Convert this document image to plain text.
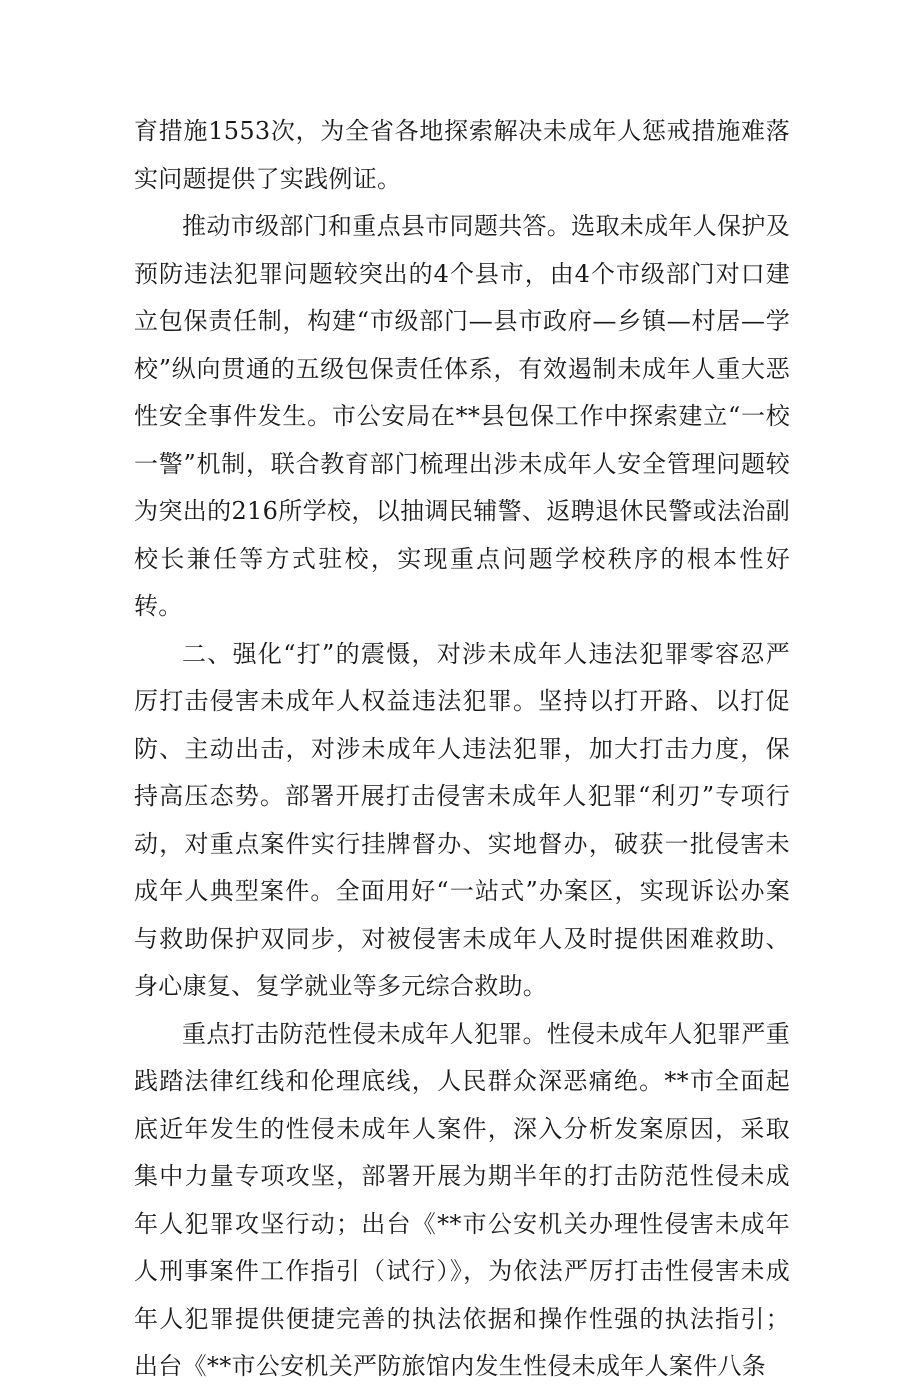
育措施1553次，为全省各地探索解决未成年人惩戒措施难落实问题提供了实践例证。

推动市级部门和重点县市同题共答。选取未成年人保护及预防违法犯罪问题较突出的4个县市，由4个市级部门对口建立包保责任制，构建“市级部门—县市政府—乡镇—村居—学校”纵向贯通的五级包保责任体系，有效遏制未成年人重大恶性安全事件发生。市公安局在**县包保工作中探索建立“一校一警”机制，联合教育部门梳理出涉未成年人安全管理问题较为突出的216所学校，以抽调民辅警、返聘退休民警或法治副校长兼任等方式驻校，实现重点问题学校秩序的根本性好转。

二、强化“打”的震慑，对涉未成年人违法犯罪零容忍严厉打击侵害未成年人权益违法犯罪。坚持以打开路、以打促防、主动出击，对涉未成年人违法犯罪，加大打击力度，保持高压态势。部署开展打击侵害未成年人犯罪“利刃”专项行动，对重点案件实行挂牌督办、实地督办，破获一批侵害未成年人典型案件。全面用好“一站式”办案区，实现诉讼办案与救助保护双同步，对被侵害未成年人及时提供困难救助、身心康复、复学就业等多元综合救助。

重点打击防范性侵未成年人犯罪。性侵未成年人犯罪严重践踏法律红线和伦理底线，人民群众深恶痛绝。**市全面起底近年发生的性侵未成年人案件，深入分析发案原因，采取集中力量专项攻坚，部署开展为期半年的打击防范性侵未成年人犯罪攻坚行动；出台《**市公安机关办理性侵害未成年人刑事案件工作指引（试行）》，为依法严厉打击性侵害未成年人犯罪提供便捷完善的执法依据和操作性强的执法指引；出台《**市公安机关严防旅馆内发生性侵未成年人案件八条
